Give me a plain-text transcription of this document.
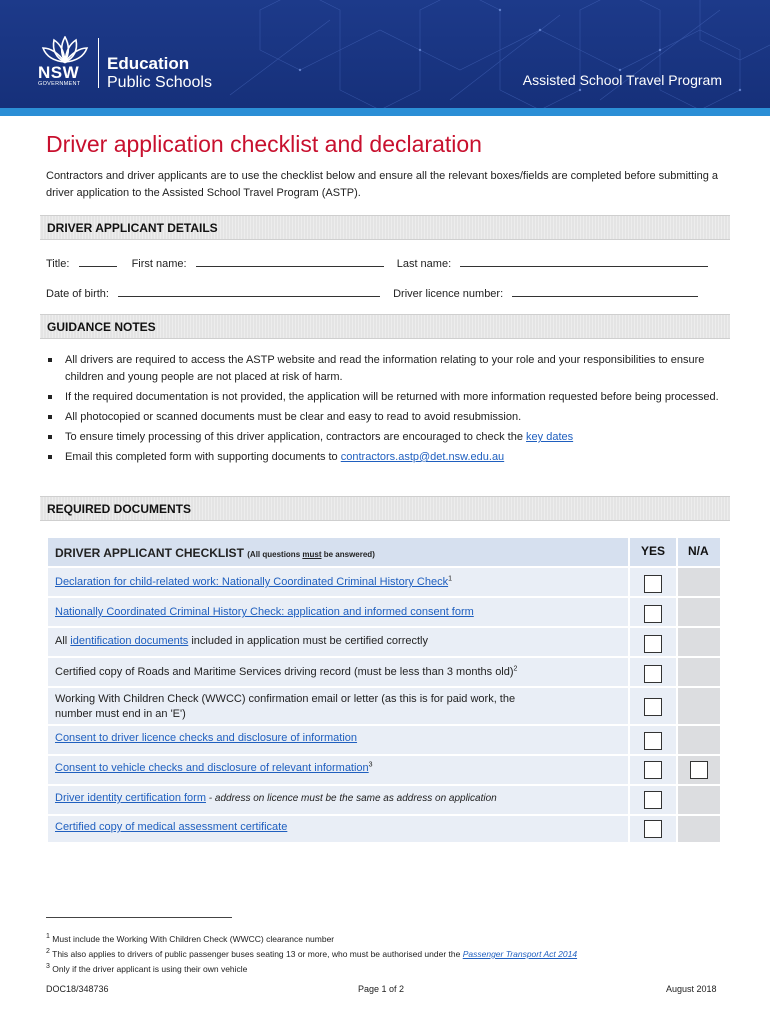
NSW
GOVERNMENT
Education
Public Schools	Assisted School Travel Program
Driver application checklist and declaration

Contractors and driver applicants are to use the checklist below and ensure all the relevant boxes/fields are completed before submitting a driver application to the Assisted School Travel Program (ASTP).

DRIVER APPLICANT DETAILS
Title:	First name:	Last name:
Date of birth:	Driver licence number:
GUIDANCE NOTES
All drivers are required to access the ASTP website and read the information relating to your role and your responsibilities to ensure children and young people are not placed at risk of harm.
If the required documentation is not provided, the application will be returned with more information requested before being processed.
All photocopied or scanned documents must be clear and easy to read to avoid resubmission.
To ensure timely processing of this driver application, contractors are encouraged to check the key dates
Email this completed form with supporting documents to contractors.astp@det.nsw.edu.au
REQUIRED DOCUMENTS
DRIVER APPLICANT CHECKLIST (All questions must be answered)	YES N/A
Declaration for child-related work: Nationally Coordinated Criminal History Check$^1$
Nationally Coordinated Criminal History Check: application and informed consent form
All identification documents included in application must be certified correctly
Certified copy of Roads and Maritime Services driving record (must be less than 3 months old)$^2$
Working With Children Check (WWCC) confirmation email or letter (as this is for paid work, the
number must end in an 'E')
Consent to driver licence checks and disclosure of information
Consent to vehicle checks and disclosure of relevant information$^3$
Driver identity certification form - address on licence must be the same as address on application
Certified copy of medical assessment certificate
$^1$ Must include the Working With Children Check (WWCC) clearance number
$^2$ This also applies to drivers of public passenger buses seating 13 or more, who must be authorised under the Passenger Transport Act 2014
$^3$ Only if the driver applicant is using their own vehicle
DOC18/348736	Page 1 of 2	August 2018
